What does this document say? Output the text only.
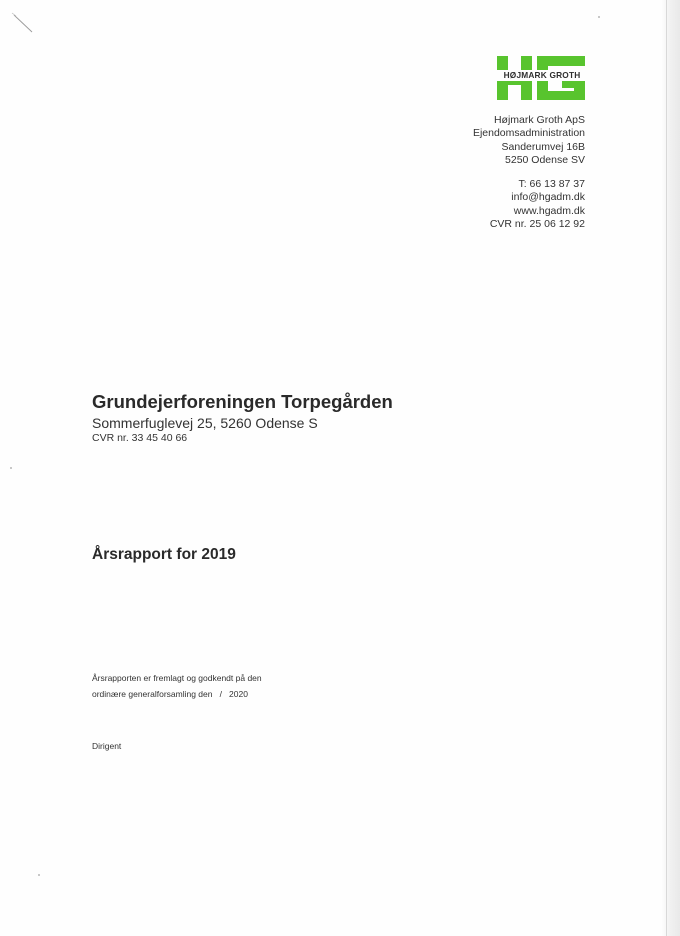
HØJMARK GROTH
Højmark Groth ApS
Ejendomsadministration
Sanderumvej 16B
5250 Odense SV
T: 66 13 87 37
info@hgadm.dk
www.hgadm.dk
CVR nr. 25 06 12 92
Grundejerforeningen Torpegården
Sommerfuglevej 25, 5260 Odense S
CVR nr. 33 45 40 66
Årsrapport for 2019
Årsrapporten er fremlagt og godkendt på den
ordinære generalforsamling den   /   2020
Dirigent
